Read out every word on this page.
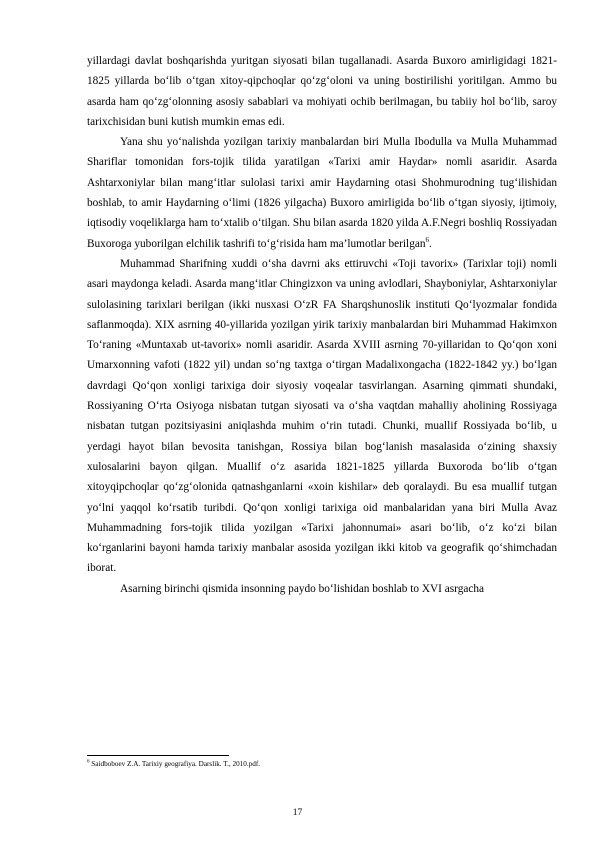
yillardagi davlat boshqarishda yuritgan siyosati bilan tugallanadi. Asarda Buxoro amirligidagi 1821-1825 yillarda bo‘lib o‘tgan xitoy-qipchoqlar qo‘zg‘oloni va uning bostirilishi yoritilgan. Ammo bu asarda ham qo‘zg‘olonning asosiy sabablari va mohiyati ochib berilmagan, bu tabiiy hol bo‘lib, saroy tarixchisidan buni kutish mumkin emas edi.

Yana shu yo‘nalishda yozilgan tarixiy manbalardan biri Mulla Ibodulla va Mulla Muhammad Shariflar tomonidan fors-tojik tilida yaratilgan «Tarixi amir Haydar» nomli asaridir. Asarda Ashtarxoniylar bilan mang‘itlar sulolasi tarixi amir Haydarning otasi Shohmurodning tug‘ilishidan boshlab, to amir Haydarning o‘limi (1826 yilgacha) Buxoro amirligida bo‘lib o‘tgan siyosiy, ijtimoiy, iqtisodiy voqeliklarga ham to‘xtalib o‘tilgan. Shu bilan asarda 1820 yilda A.F.Negri boshliq Rossiyadan Buxoroga yuborilgan elchilik tashrifi to‘g‘risida ham ma’lumotlar berilgan$^6$.

Muhammad Sharifning xuddi o‘sha davrni aks ettiruvchi «Toji tavorix» (Tarixlar toji) nomli asari maydonga keladi. Asarda mang‘itlar Chingizxon va uning avlodlari, Shayboniylar, Ashtarxoniylar sulolasining tarixlari berilgan (ikki nusxasi O‘zR FA Sharqshunoslik instituti Qo‘lyozmalar fondida saflanmoqda). XIX asrning 40-yillarida yozilgan yirik tarixiy manbalardan biri Muhammad Hakimxon To‘raning «Muntaxab ut-tavorix» nomli asaridir. Asarda XVIII asrning 70-yillaridan to Qo‘qon xoni Umarxonning vafoti (1822 yil) undan so‘ng taxtga o‘tirgan Madalixongacha (1822-1842 yy.) bo‘lgan davrdagi Qo‘qon xonligi tarixiga doir siyosiy voqealar tasvirlangan. Asarning qimmati shundaki, Rossiyaning O‘rta Osiyoga nisbatan tutgan siyosati va o‘sha vaqtdan mahalliy aholining Rossiyaga nisbatan tutgan pozitsiyasini aniqlashda muhim o‘rin tutadi. Chunki, muallif Rossiyada bo‘lib, u yerdagi hayot bilan bevosita tanishgan, Rossiya bilan bog‘lanish masalasida o‘zining shaxsiy xulosalarini bayon qilgan. Muallif o‘z asarida 1821-1825 yillarda Buxoroda bo‘lib o‘tgan xitoyqipchoqlar qo‘zg‘olonida qatnashganlarni «xoin kishilar» deb qoralaydi. Bu esa muallif tutgan yo‘lni yaqqol ko‘rsatib turibdi. Qo‘qon xonligi tarixiga oid manbalaridan yana biri Mulla Avaz Muhammadning fors-tojik tilida yozilgan «Tarixi jahonnumai» asari bo‘lib, o‘z ko‘zi bilan ko‘rganlarini bayoni hamda tarixiy manbalar asosida yozilgan ikki kitob va geografik qo‘shimchadan iborat.

Asarning birinchi qismida insonning paydo bo‘lishidan boshlab to XVI asrgacha

$^6$ Saidboboev Z.A. Tarixiy geografiya. Darslik. T., 2010.pdf.
17
